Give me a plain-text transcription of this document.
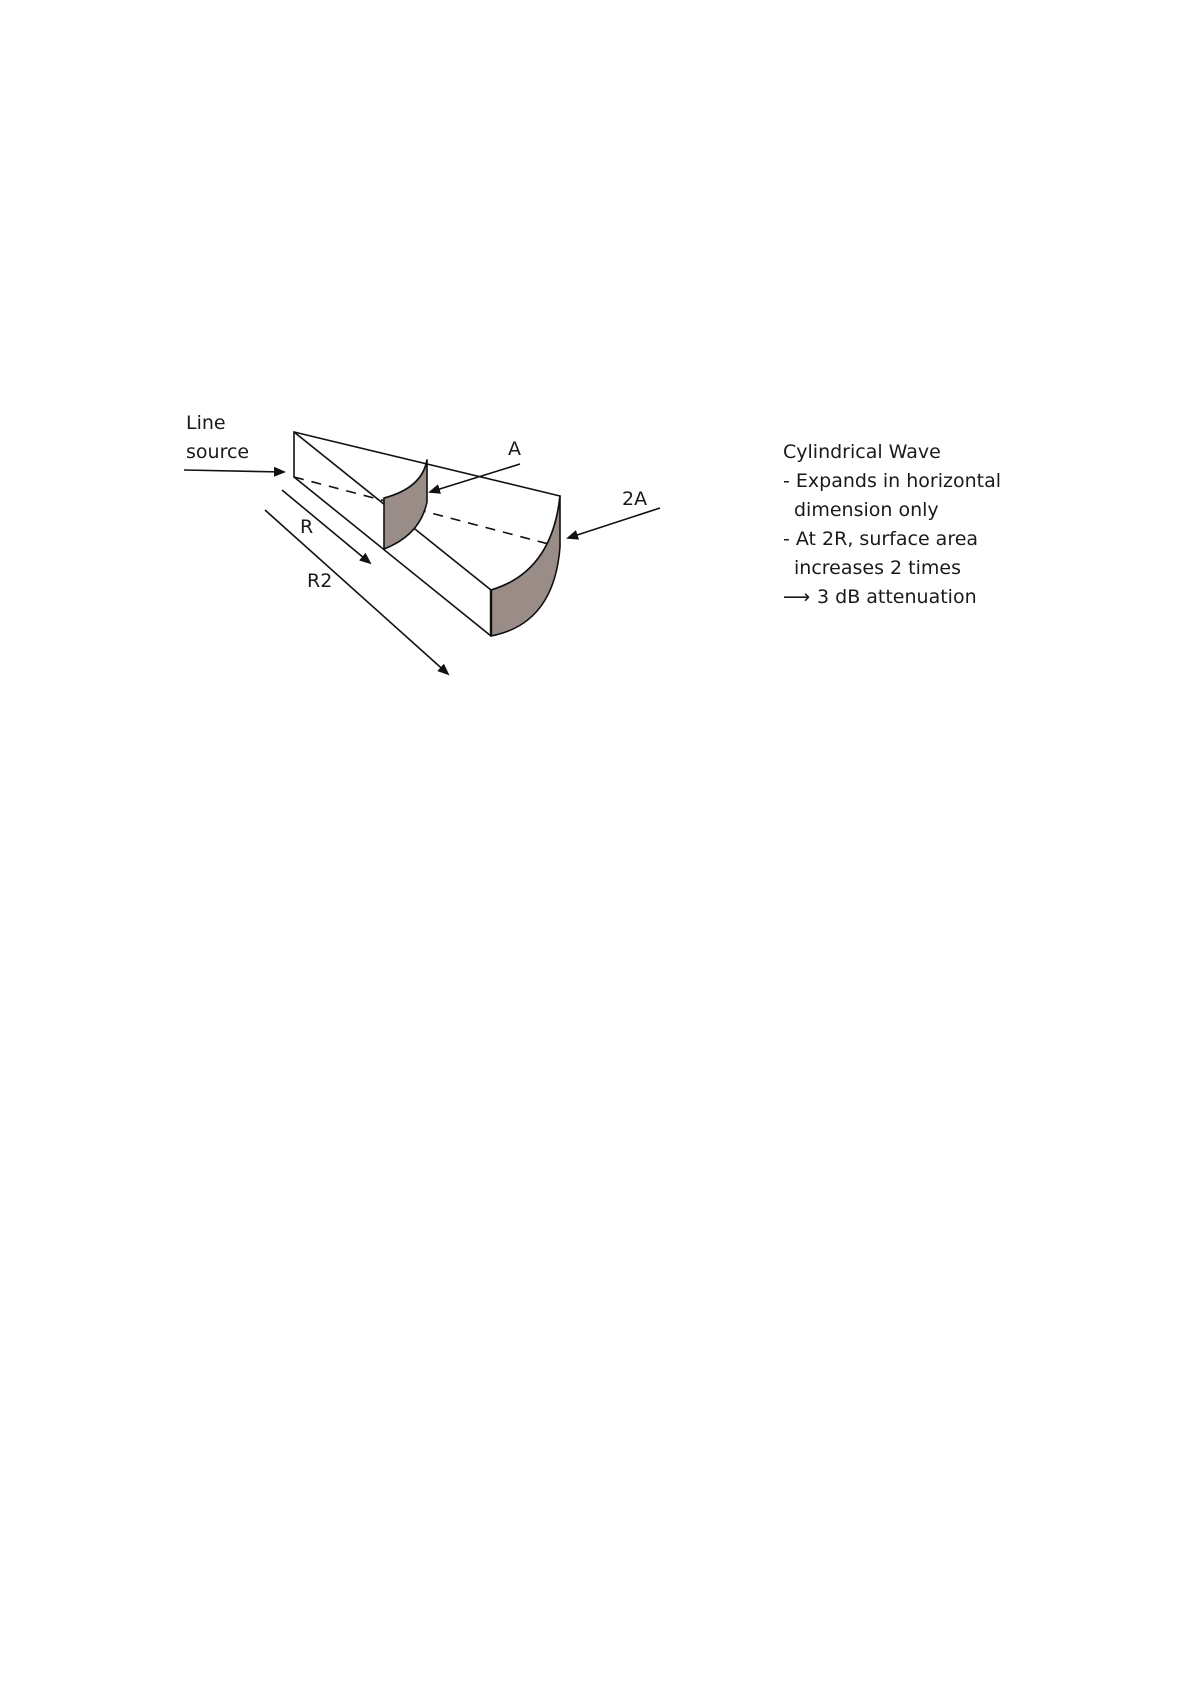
Line
source	A
2A
R
R2
Cylindrical Wave
- Expands in horizontal
dimension only
- At 2R, surface area
increases 2 times
⟶ 3 dB attenuation
